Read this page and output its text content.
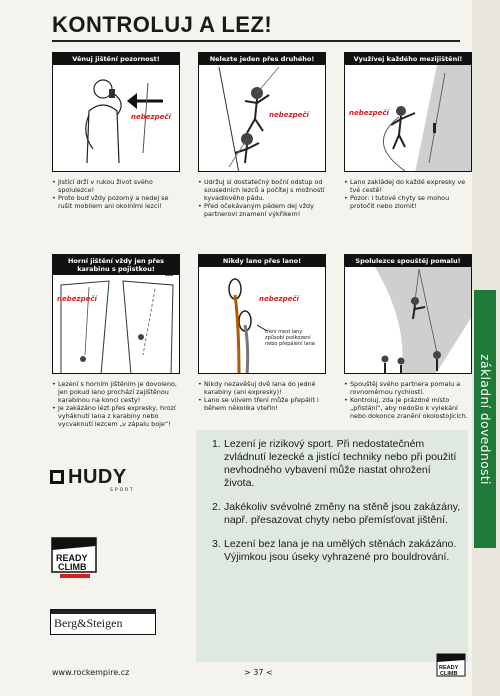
KONTROLUJ A LEZ!
Věnuj jištění pozornost!
nebezpečí
• Jistící drží v rukou život svého spolulezce!
• Proto buď vždy pozorný a nedej se rušit mobilem ani okolními lezci!
Nelezte jeden přes druhého!
nebezpečí
• Udržuj si dostatečný boční odstup od sousedních lezců a počítej s možností kyvadlového pádu.
• Před očekávaným pádem dej vždy partnerovi znamení výkřikem!
Využívej každého mezijištění!
nebezpečí
• Lano zakládej do každé expresky ve tvé cestě!
• Pozor: i tutové chyty se mohou protočit nebo zlomit!
Horní jištění vždy jen přes karabinu s pojistkou!
nebezpečí
• Lezení s horním jištěním je dovoleno, jen pokud lano prochází zajištěnou karabinou na konci cesty!
• Je zakázáno lézt přes expresky, hrozí vyháknutí lana z karabiny nebo vycvaknutí lezcem „v zápalu boje“!
Nikdy lano přes lano!
nebezpečí
tření mezi lany způsobí poškození nebo přepálení lana
• Nikdy nezavěšuj dvě lana do jedné karabiny (ani expresky)!
• Lano se vlivem tření může přepálit i během několika vteřin!
Spolulezce spouštěj pomalu!
• Spouštěj svého partnera pomalu a rovnoměrnou rychlostí.
• Kontroluj, zda je prázdné místo „přistání“, aby nedošlo k vylekání nebo dokonce zranění okolostojících. základní dovednosti
HUDY
SPORT
READY
CLIMB
Berg&Steigen
1. Lezení je rizikový sport. Při nedostatečném zvládnutí lezecké a jistící techniky nebo při použití nevhodného vybavení může nastat ohrožení života.
2. Jakékoliv svévolné změny na stěně jsou zakázány, např. přesazovat chyty nebo přemísťovat jištění.
3. Lezení bez lana je na umělých stěnách zakázáno. Výjimkou jsou úseky vyhrazené pro bouldrování.
www.rockempire.cz	> 37 <	READY
CLIMB
